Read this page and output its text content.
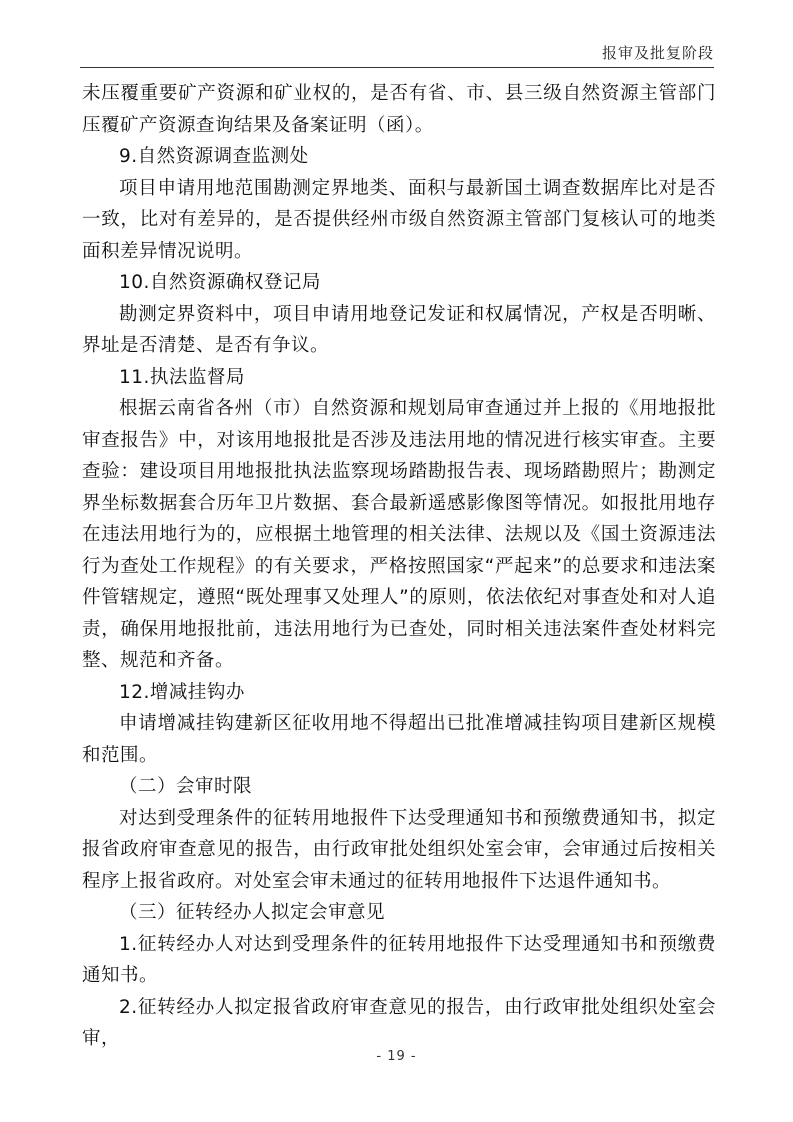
报审及批复阶段

未压覆重要矿产资源和矿业权的，是否有省、市、县三级自然资源主管部门压覆矿产资源查询结果及备案证明（函）。

9.自然资源调查监测处

项目申请用地范围勘测定界地类、面积与最新国土调查数据库比对是否一致，比对有差异的，是否提供经州市级自然资源主管部门复核认可的地类面积差异情况说明。

10.自然资源确权登记局

勘测定界资料中，项目申请用地登记发证和权属情况，产权是否明晰、界址是否清楚、是否有争议。

11.执法监督局

根据云南省各州（市）自然资源和规划局审查通过并上报的《用地报批审查报告》中，对该用地报批是否涉及违法用地的情况进行核实审查。主要查验：建设项目用地报批执法监察现场踏勘报告表、现场踏勘照片；勘测定界坐标数据套合历年卫片数据、套合最新遥感影像图等情况。如报批用地存在违法用地行为的，应根据土地管理的相关法律、法规以及《国土资源违法行为查处工作规程》的有关要求，严格按照国家“严起来”的总要求和违法案件管辖规定，遵照“既处理事又处理人”的原则，依法依纪对事查处和对人追责，确保用地报批前，违法用地行为已查处，同时相关违法案件查处材料完整、规范和齐备。

12.增减挂钩办

申请增减挂钩建新区征收用地不得超出已批准增减挂钩项目建新区规模和范围。

（二）会审时限

对达到受理条件的征转用地报件下达受理通知书和预缴费通知书，拟定报省政府审查意见的报告，由行政审批处组织处室会审，会审通过后按相关程序上报省政府。对处室会审未通过的征转用地报件下达退件通知书。

（三）征转经办人拟定会审意见

1.征转经办人对达到受理条件的征转用地报件下达受理通知书和预缴费通知书。

2.征转经办人拟定报省政府审查意见的报告，由行政审批处组织处室会审，

- 19 -
